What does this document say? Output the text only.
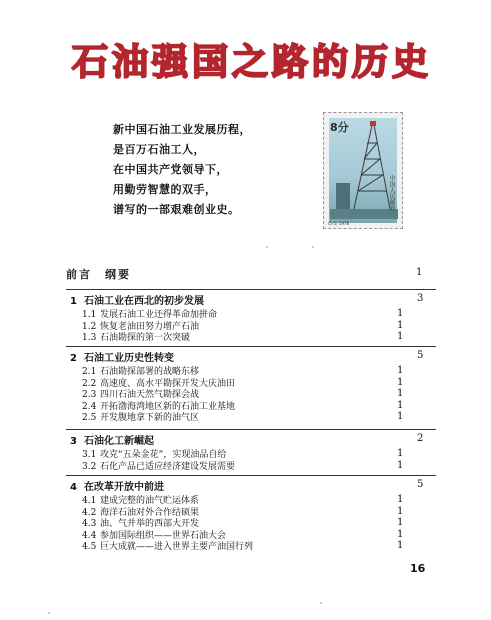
石油强国之路的历史
新中国石油工业发展历程，
是百万石油工人，
在中国共产党领导下，
用勤劳智慧的双手，
谱写的一部艰难创业史。
8分
中国人民邮政
(5-5) 1978
前言　纲要	1
1 石油工业在西北的初步发展	3
1.1 发展石油工业还得革命加拼命	1
1.2 恢复老油田努力增产石油	1
1.3 石油勘探的第一次突破	1
2 石油工业历史性转变	5
2.1 石油勘探部署的战略东移	1
2.2 高速度、高水平勘探开发大庆油田	1
2.3 四川石油天然气勘探会战	1
2.4 开拓渤海湾地区新的石油工业基地	1
2.5 开发腹地拿下新的油气区	1
3 石油化工新崛起	2
3.1 攻克“五朵金花”，实现油品自给	1
3.2 石化产品已适应经济建设发展需要	1
4 在改革开放中前进	5
4.1 建成完整的油气贮运体系	1
4.2 海洋石油对外合作结硕果	1
4.3 油、气并举的西部大开发	1
4.4 参加国际组织——世界石油大会	1
4.5 巨大成就——进入世界主要产油国行列	1
16
